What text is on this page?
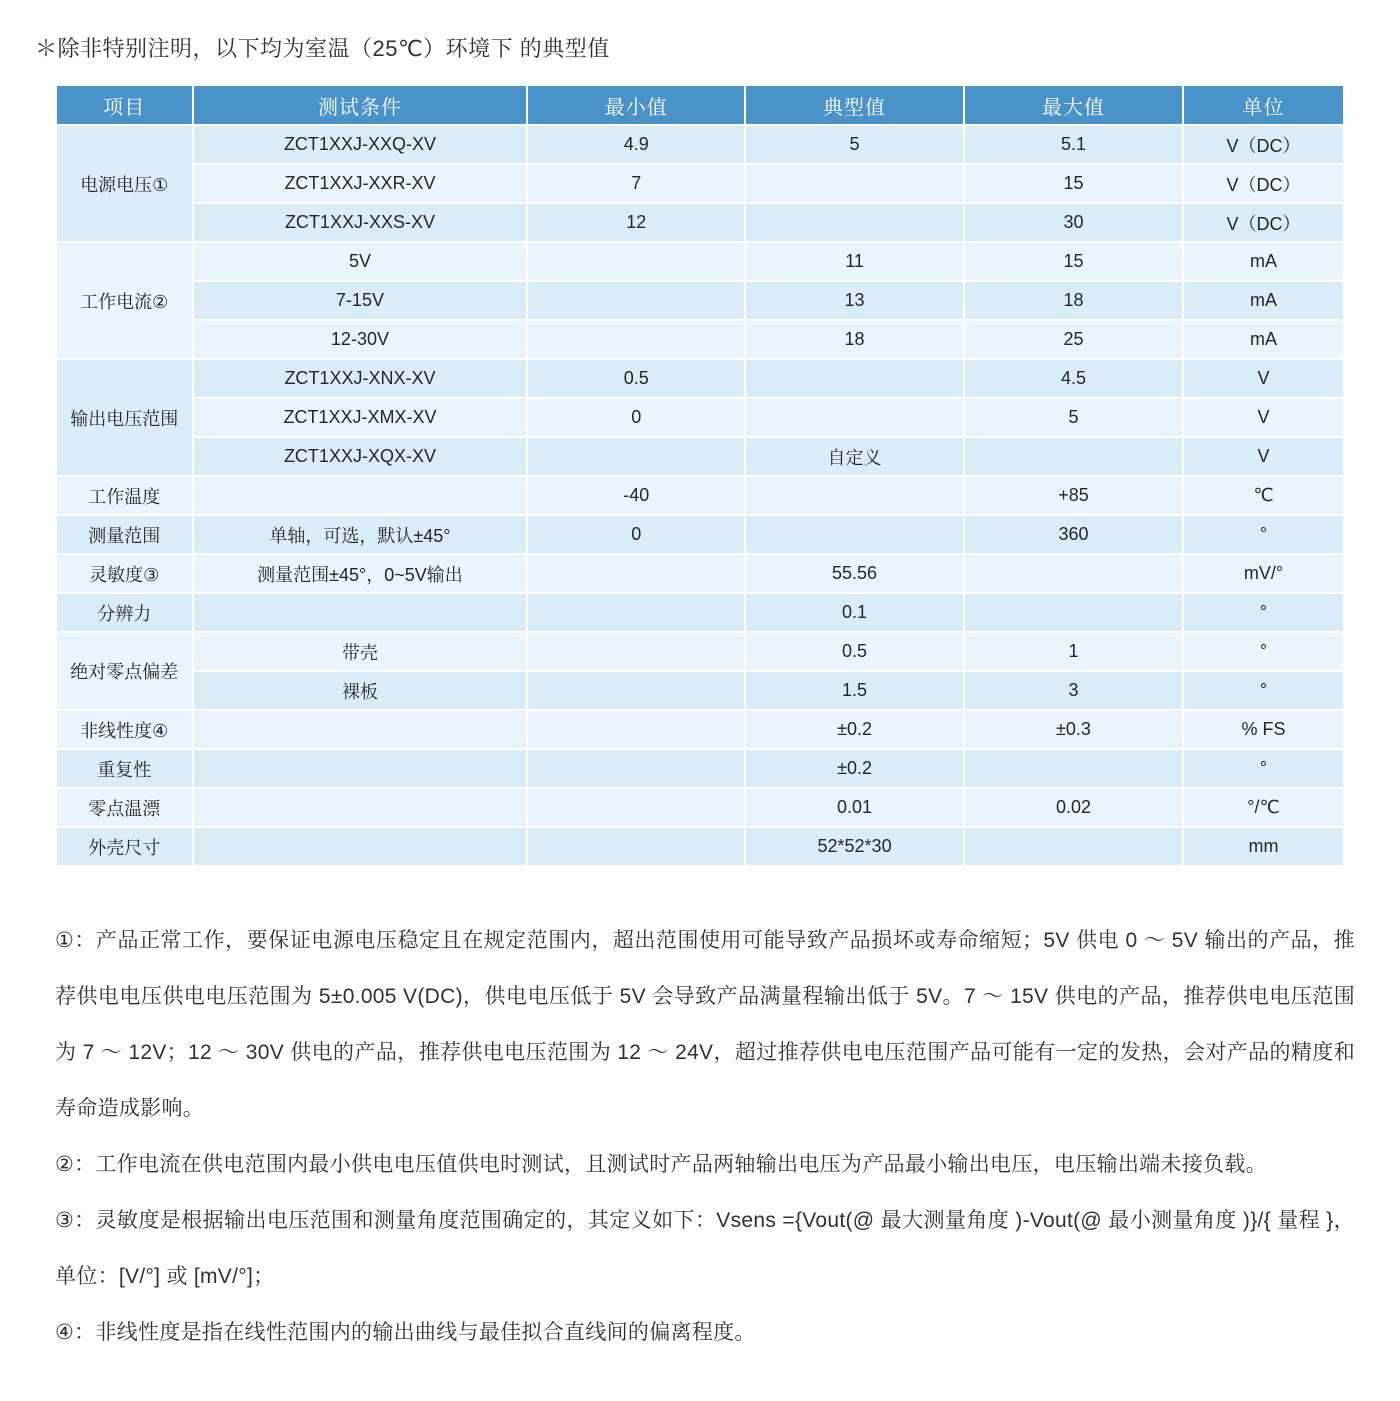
＊除非特别注明，以下均为室温（25℃）环境下 的典型值
项目	测试条件	最小值	典型值	最大值	单位
电源电压①	ZCT1XXJ-XXQ-XV	4.9	5	5.1	V（DC）
	ZCT1XXJ-XXR-XV	7		15	V（DC）
	ZCT1XXJ-XXS-XV	12		30	V（DC）
工作电流②	5V		11	15	mA
	7-15V		13	18	mA
	12-30V		18	25	mA
输出电压范围	ZCT1XXJ-XNX-XV	0.5		4.5	V
	ZCT1XXJ-XMX-XV	0		5	V
	ZCT1XXJ-XQX-XV		自定义		V
工作温度		-40		+85	℃
测量范围	单轴，可选，默认±45°	0		360	°
灵敏度③	测量范围±45°，0~5V输出		55.56		mV/°
分辨力			0.1		°
绝对零点偏差	带壳		0.5	1	°
	裸板		1.5	3	°
非线性度④			±0.2	±0.3	% FS
重复性			±0.2		°
零点温漂			0.01	0.02	°/℃
外壳尺寸			52*52*30		mm

①：产品正常工作，要保证电源电压稳定且在规定范围内，超出范围使用可能导致产品损坏或寿命缩短；5V 供电 0 ～ 5V 输出的产品，推荐供电电压供电电压范围为 5±0.005 V(DC)，供电电压低于 5V 会导致产品满量程输出低于 5V。7 ～ 15V 供电的产品，推荐供电电压范围为 7 ～ 12V；12 ～ 30V 供电的产品，推荐供电电压范围为 12 ～ 24V，超过推荐供电电压范围产品可能有一定的发热，会对产品的精度和寿命造成影响。

②：工作电流在供电范围内最小供电电压值供电时测试，且测试时产品两轴输出电压为产品最小输出电压，电压输出端未接负载。

③：灵敏度是根据输出电压范围和测量角度范围确定的，其定义如下：Vsens ={Vout(@ 最大测量角度 )-Vout(@ 最小测量角度 )}/{ 量程 }，单位：[V/°] 或 [mV/°]；

④：非线性度是指在线性范围内的输出曲线与最佳拟合直线间的偏离程度。
